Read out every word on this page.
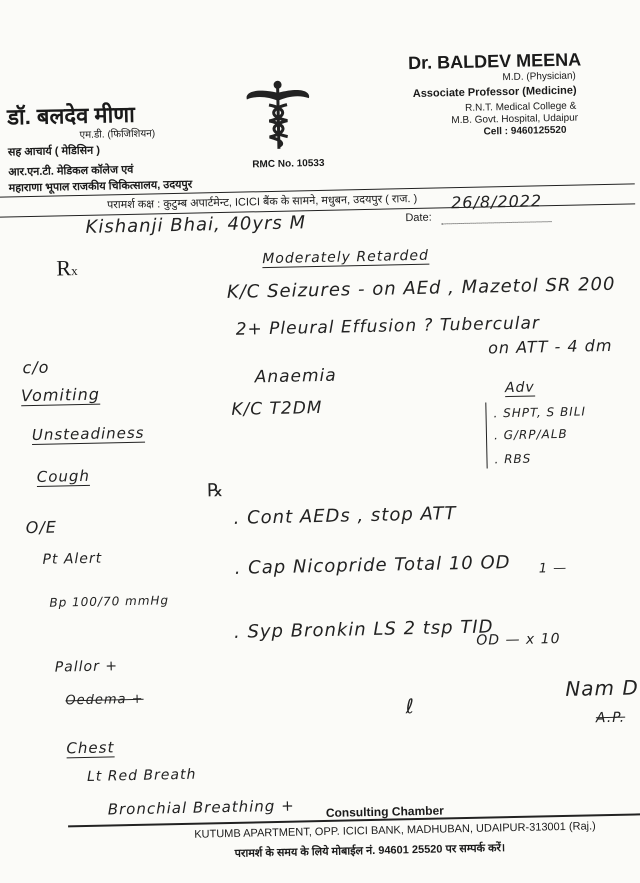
डॉ. बलदेव मीणा
एम.डी. (फिजिशियन)
सह आचार्य ( मेडिसिन )
आर.एन.टी. मेडिकल कॉलेज एवं
महाराणा भूपाल राजकीय चिकित्सालय, उदयपुर
RMC No. 10533
Dr. BALDEV MEENA
M.D. (Physician)
Associate Professor (Medicine)
R.N.T. Medical College &
M.B. Govt. Hospital, Udaipur
Cell : 9460125520
परामर्श कक्ष : कुटुम्ब अपार्टमेन्ट, ICICI बैंक के सामने, मधुबन, उदयपुर ( राज. )
Date:
Rx
Kishanji Bhai, 40yrs M
26/8/2022
Moderately Retarded
K/C Seizures - on AEd , Mazetol SR 200
2+ Pleural Effusion ? Tubercular
on ATT - 4 dm
Anaemia
K/C T2DM
c/o
Vomiting
Unsteadiness
Cough
Adv
. SHPT, S BILI
. G/RP/ALB
. RBS
℞
O/E
Pt Alert
Bp 100/70 mmHg
Pallor +
Oedema +
Chest
Lt Red Breath
Bronchial Breathing +
. Cont AEDs , stop ATT
. Cap Nicopride Total 10 OD
. Syp Bronkin LS 2 tsp TID
1 —
OD — x 10
Nam D
A.P.
ℓ
Consulting Chamber
KUTUMB APARTMENT, OPP. ICICI BANK, MADHUBAN, UDAIPUR-313001 (Raj.)
परामर्श के समय के लिये मोबाईल नं. 94601 25520 पर सम्पर्क करें।
